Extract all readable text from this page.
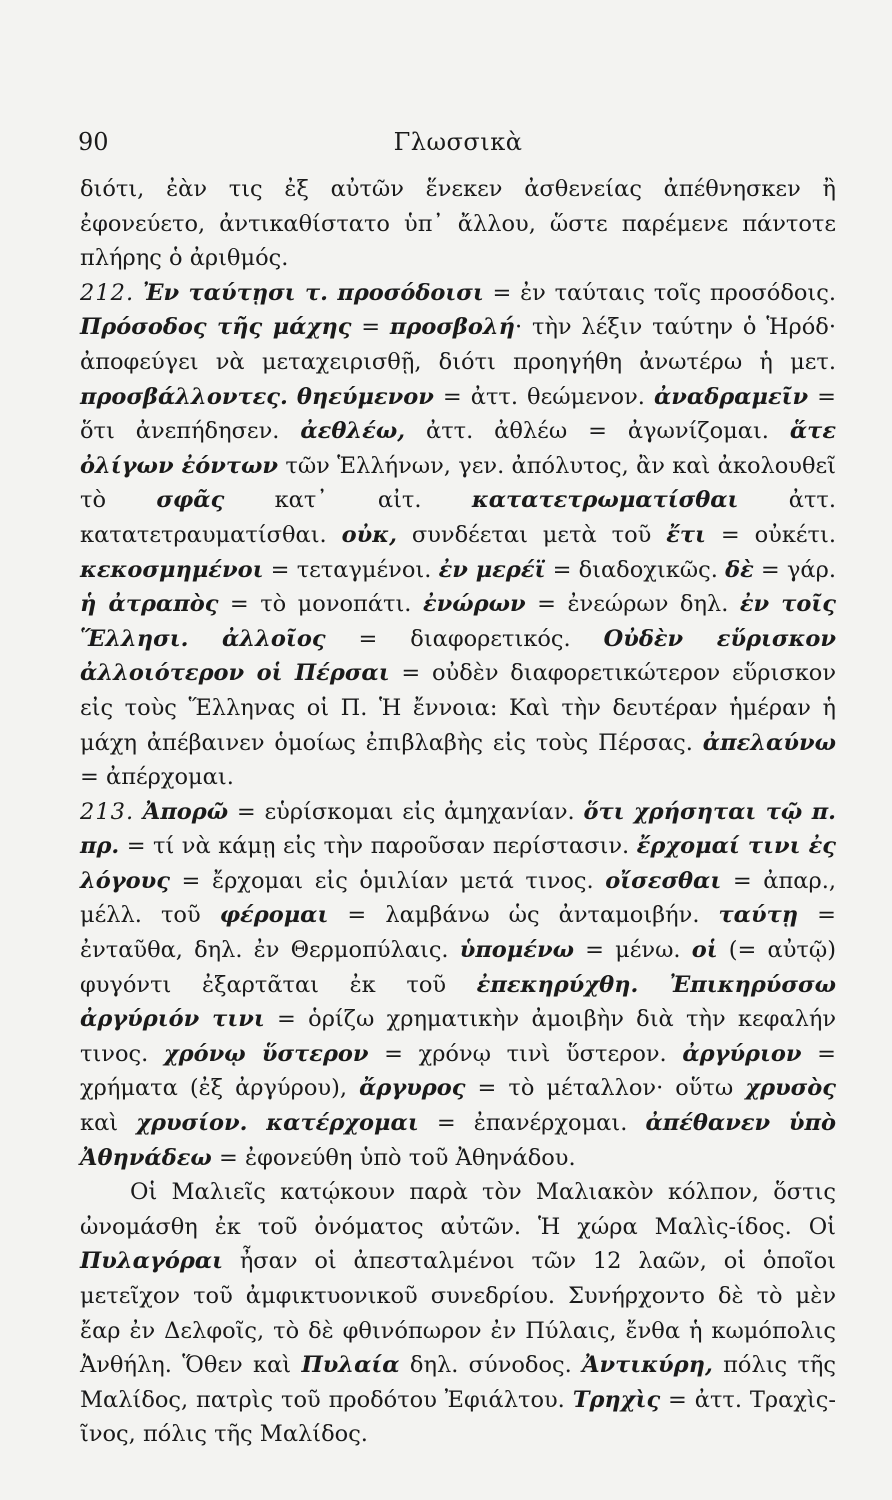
90	Γλωσσικὰ

διότι, ἐὰν τις ἐξ αὐτῶν ἕνεκεν ἀσθενείας ἀπέθνησκεν ἢ ἐφονεύετο, ἀντικαθίστατο ὑπ᾿ ἄλλου, ὥστε παρέμενε πάντοτε πλήρης ὁ ἀριθμός.

212. Ἐν ταύτῃσι τ. προσόδοισι = ἐν ταύταις τοῖς προσόδοις. Πρόσοδος τῆς μάχης = προσβολή· τὴν λέξιν ταύτην ὁ Ἡρόδ· ἀποφεύγει νὰ μεταχειρισθῇ, διότι προηγήθη ἀνωτέρω ἡ μετ. προσβάλλοντες. θηεύμενον = ἀττ. θεώμενον. ἀναδραμεῖν = ὅτι ἀνεπήδησεν. ἀεθλέω, ἀττ. ἀθλέω = ἀγωνίζομαι. ἅτε ὀλίγων ἐόντων τῶν Ἑλλήνων, γεν. ἀπόλυτος, ἂν καὶ ἀκολουθεῖ τὸ σφᾶς κατ᾿ αἰτ. κατατετρωματίσθαι ἀττ. κατατετραυματίσθαι. οὐκ, συνδέεται μετὰ τοῦ ἔτι = οὐκέτι. κεκοσμημένοι = τεταγμένοι. ἐν μερέϊ = διαδοχικῶς. δὲ = γάρ. ἡ ἀτραπὸς = τὸ μονοπάτι. ἐνώρων = ἐνεώρων δηλ. ἐν τοῖς Ἕλλησι. ἀλλοῖος = διαφορετικός. Οὐδὲν εὕρισκον ἀλλοιότερον οἱ Πέρσαι = οὐδὲν διαφορετικώτερον εὕρισκον εἰς τοὺς Ἕλληνας οἱ Π. Ἡ ἔννοια: Καὶ τὴν δευτέραν ἡμέραν ἡ μάχη ἀπέβαινεν ὁμοίως ἐπιβλαβὴς εἰς τοὺς Πέρσας. ἀπελαύνω = ἀπέρχομαι.

213. Ἀπορῶ = εὑρίσκομαι εἰς ἀμηχανίαν. ὅτι χρήσηται τῷ π. πρ. = τί νὰ κάμῃ εἰς τὴν παροῦσαν περίστασιν. ἔρχομαί τινι ἐς λόγους = ἔρχομαι εἰς ὁμιλίαν μετά τινος. οἴσεσθαι = ἀπαρ., μέλλ. τοῦ φέρομαι = λαμβάνω ὡς ἀνταμοιβήν. ταύτῃ = ἐνταῦθα, δηλ. ἐν Θερμοπύλαις. ὑπομένω = μένω. οἱ (= αὐτῷ) φυγόντι ἐξαρτᾶται ἐκ τοῦ ἐπεκηρύχθη. Ἐπικηρύσσω ἀργύριόν τινι = ὁρίζω χρηματικὴν ἀμοιβὴν διὰ τὴν κεφαλήν τινος. χρόνῳ ὕστερον = χρόνῳ τινὶ ὕστερον. ἀργύριον = χρήματα (ἐξ ἀργύρου), ἄργυρος = τὸ μέταλλον· οὕτω χρυσὸς καὶ χρυσίον. κατέρχομαι = ἐπανέρχομαι. ἀπέθανεν ὑπὸ Ἀθηνάδεω = ἐφονεύθη ὑπὸ τοῦ Ἀθηνάδου.

Οἱ Μαλιεῖς κατῴκουν παρὰ τὸν Μαλιακὸν κόλπον, ὅστις ὠνομάσθη ἐκ τοῦ ὀνόματος αὐτῶν. Ἡ χώρα Μαλὶς-ίδος. Οἱ Πυλαγόραι ἦσαν οἱ ἀπεσταλμένοι τῶν 12 λαῶν, οἱ ὁποῖοι μετεῖχον τοῦ ἀμφικτυονικοῦ συνεδρίου. Συνήρχοντο δὲ τὸ μὲν ἔαρ ἐν Δελφοῖς, τὸ δὲ φθινόπωρον ἐν Πύλαις, ἔνθα ἡ κωμόπολις Ἀνθήλη. Ὅθεν καὶ Πυλαία δηλ. σύνοδος. Ἀντικύρη, πόλις τῆς Μαλίδος, πατρὶς τοῦ προδότου Ἐφιάλτου. Τρηχὶς = ἀττ. Τραχὶς-ῖνος, πόλις τῆς Μαλίδος.
